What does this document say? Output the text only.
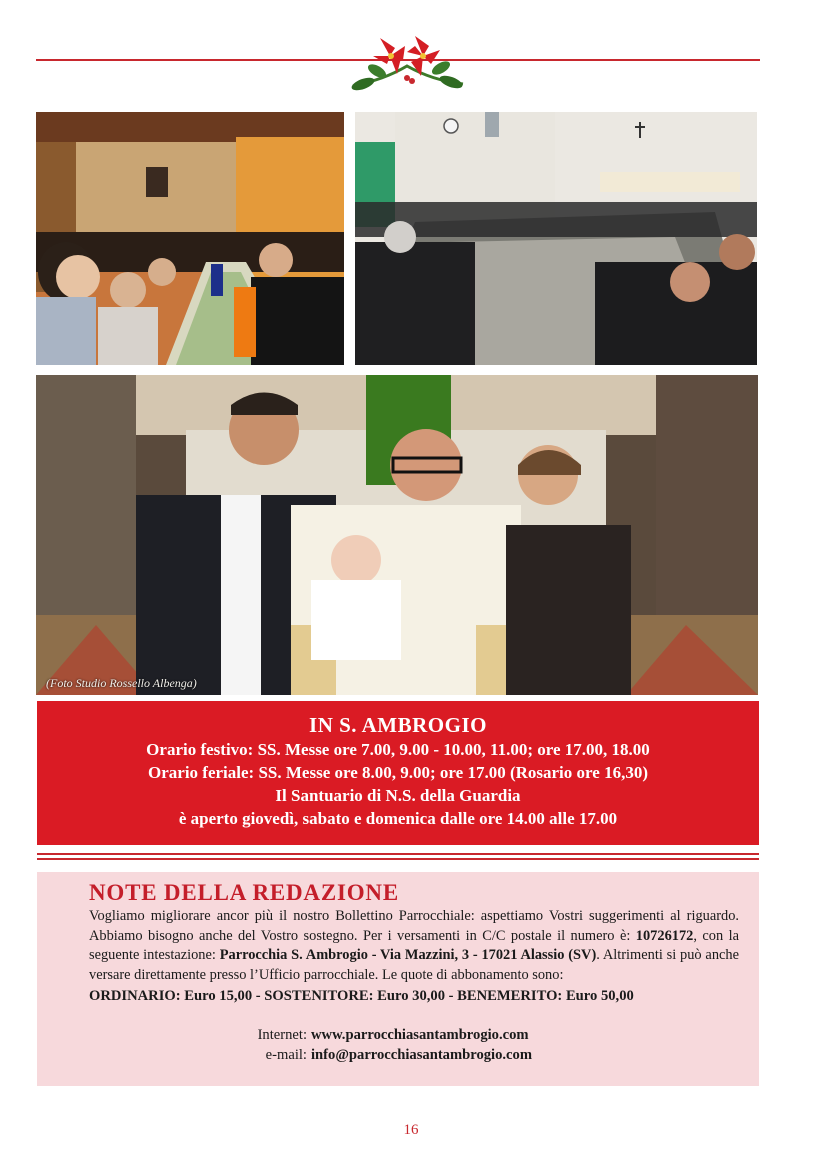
(Foto Studio Rossello Albenga)
IN S. AMBROGIO
Orario festivo: SS. Messe ore 7.00, 9.00 - 10.00, 11.00; ore 17.00, 18.00
Orario feriale: SS. Messe ore 8.00, 9.00; ore 17.00 (Rosario ore 16,30)
Il Santuario di N.S. della Guardia
è aperto giovedì, sabato e domenica dalle ore 14.00 alle 17.00
NOTE DELLA REDAZIONE
Vogliamo migliorare ancor più il nostro Bollettino Parrocchiale: aspettiamo Vostri suggerimenti al riguardo. Abbiamo bisogno anche del Vostro sostegno. Per i versamenti in C/C postale il numero è: 10726172, con la seguente intestazione: Parrocchia S. Ambrogio - Via Mazzini, 3 - 17021 Alassio (SV). Altrimenti si può anche versare direttamente presso l’Ufficio parrocchiale. Le quote di abbonamento sono:
ORDINARIO: Euro 15,00 - SOSTENITORE: Euro 30,00 - BENEMERITO: Euro 50,00
Internet: www.parrocchiasantambrogio.com
e-mail: info@parrocchiasantambrogio.com
16
